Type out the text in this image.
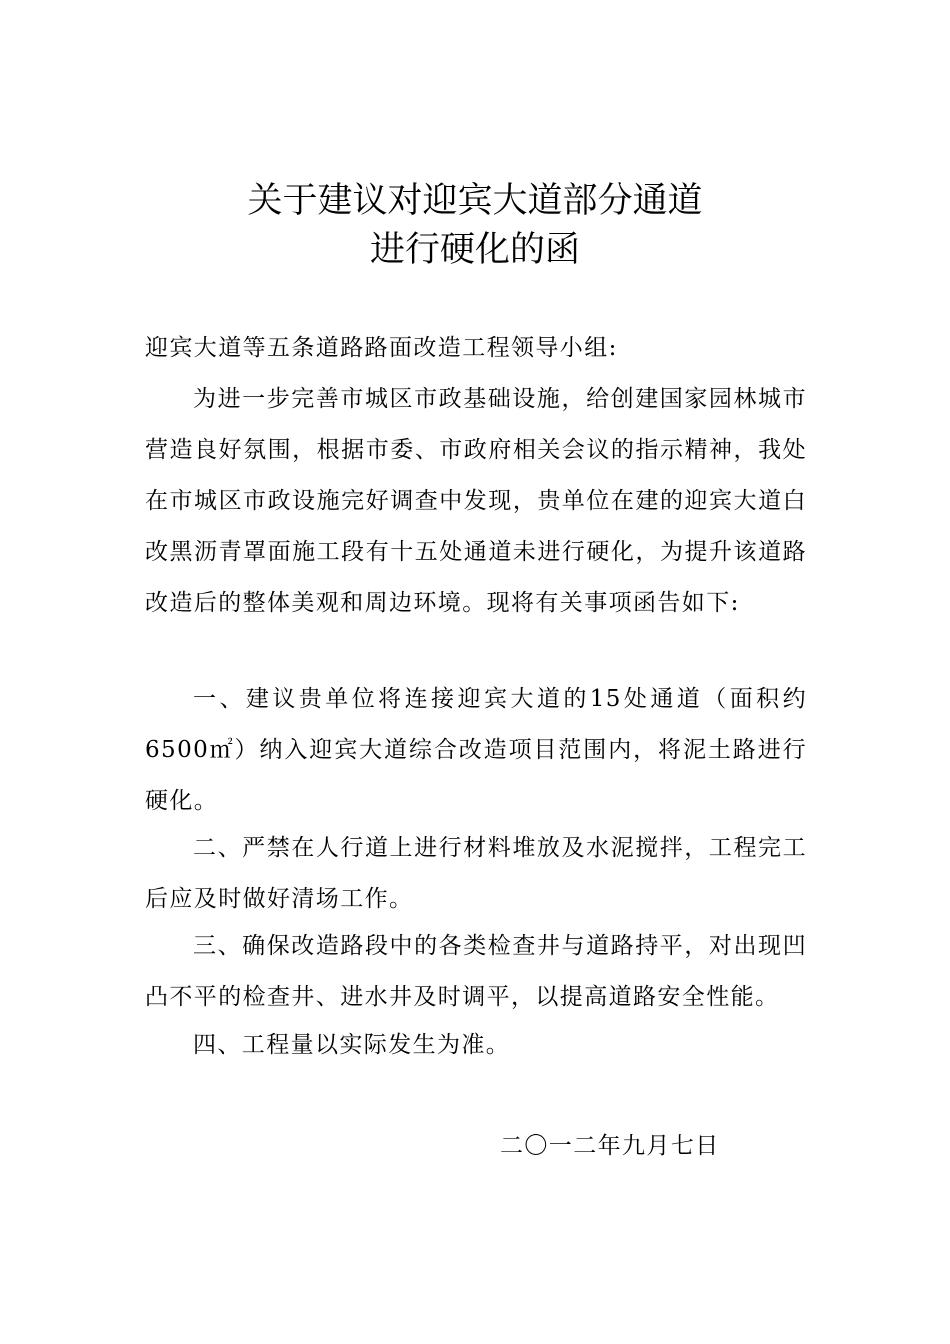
关于建议对迎宾大道部分通道
进行硬化的函
迎宾大道等五条道路路面改造工程领导小组:
为进一步完善市城区市政基础设施，给创建国家园林城市营造良好氛围，根据市委、市政府相关会议的指示精神，我处在市城区市政设施完好调查中发现，贵单位在建的迎宾大道白改黑沥青罩面施工段有十五处通道未进行硬化，为提升该道路改造后的整体美观和周边环境。现将有关事项函告如下:
一、建议贵单位将连接迎宾大道的15处通道（面积约6500㎡）纳入迎宾大道综合改造项目范围内，将泥土路进行硬化。
二、严禁在人行道上进行材料堆放及水泥搅拌，工程完工后应及时做好清场工作。
三、确保改造路段中的各类检查井与道路持平，对出现凹凸不平的检查井、进水井及时调平，以提高道路安全性能。
四、工程量以实际发生为准。
二〇一二年九月七日
